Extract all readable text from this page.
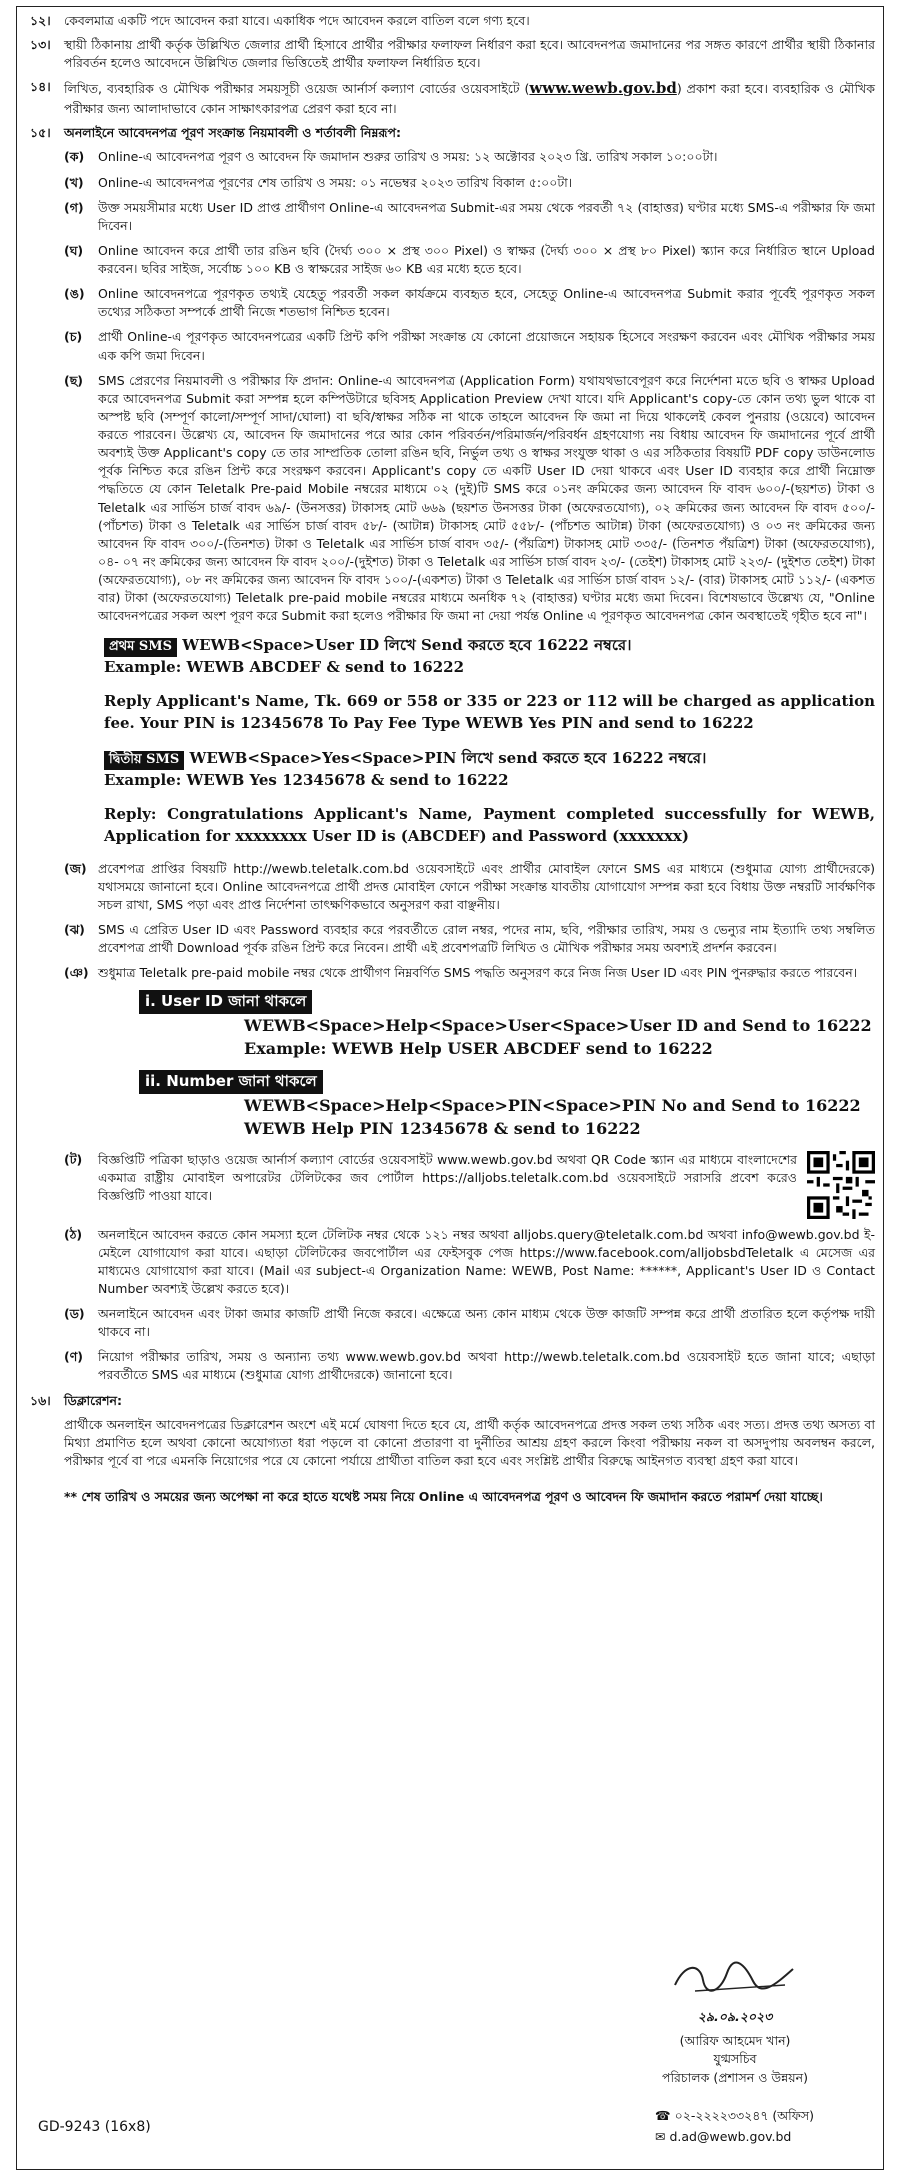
১২।	কেবলমাত্র একটি পদে আবেদন করা যাবে। একাধিক পদে আবেদন করলে বাতিল বলে গণ্য হবে।
১৩।	স্থায়ী ঠিকানায় প্রার্থী কর্তৃক উল্লিখিত জেলার প্রার্থী হিসাবে প্রার্থীর পরীক্ষার ফলাফল নির্ধারণ করা হবে। আবেদনপত্র জমাদানের পর সঙ্গত কারণে প্রার্থীর স্থায়ী ঠিকানার পরিবর্তন হলেও আবেদনে উল্লিখিত জেলার ভিত্তিতেই প্রার্থীর ফলাফল নির্ধারিত হবে।
১৪।	লিখিত, ব্যবহারিক ও মৌখিক পরীক্ষার সময়সূচী ওয়েজ আর্নার্স কল্যাণ বোর্ডের ওয়েবসাইটে (www.wewb.gov.bd) প্রকাশ করা হবে। ব্যবহারিক ও মৌখিক পরীক্ষার জন্য আলাদাভাবে কোন সাক্ষাৎকারপত্র প্রেরণ করা হবে না।
১৫।	অনলাইনে আবেদনপত্র পূরণ সংক্রান্ত নিয়মাবলী ও শর্তাবলী নিম্নরূপ:
(ক)	Online-এ আবেদনপত্র পূরণ ও আবেদন ফি জমাদান শুরুর তারিখ ও সময়: ১২ অক্টোবর ২০২৩ খ্রি. তারিখ সকাল ১০:০০টা।
(খ)	Online-এ আবেদনপত্র পূরণের শেষ তারিখ ও সময়: ০১ নভেম্বর ২০২৩ তারিখ বিকাল ৫:০০টা।
(গ)	উক্ত সময়সীমার মধ্যে User ID প্রাপ্ত প্রার্থীগণ Online-এ আবেদনপত্র Submit-এর সময় থেকে পরবর্তী ৭২ (বাহাত্তর) ঘণ্টার মধ্যে SMS-এ পরীক্ষার ফি জমা দিবেন।
(ঘ)	Online আবেদন করে প্রার্থী তার রঙিন ছবি (দৈর্ঘ্য ৩০০ × প্রস্থ ৩০০ Pixel) ও স্বাক্ষর (দৈর্ঘ্য ৩০০ × প্রস্থ ৮০ Pixel) স্ক্যান করে নির্ধারিত স্থানে Upload করবেন। ছবির সাইজ, সর্বোচ্চ ১০০ KB ও স্বাক্ষরের সাইজ ৬০ KB এর মধ্যে হতে হবে।
(ঙ)	Online আবেদনপত্রে পূরণকৃত তথ্যই যেহেতু পরবর্তী সকল কার্যক্রমে ব্যবহৃত হবে, সেহেতু Online-এ আবেদনপত্র Submit করার পূর্বেই পূরণকৃত সকল তথ্যের সঠিকতা সম্পর্কে প্রার্থী নিজে শতভাগ নিশ্চিত হবেন।
(চ)	প্রার্থী Online-এ পূরণকৃত আবেদনপত্রের একটি প্রিন্ট কপি পরীক্ষা সংক্রান্ত যে কোনো প্রয়োজনে সহায়ক হিসেবে সংরক্ষণ করবেন এবং মৌখিক পরীক্ষার সময় এক কপি জমা দিবেন।
(ছ)	SMS প্রেরণের নিয়মাবলী ও পরীক্ষার ফি প্রদান: Online-এ আবেদনপত্র (Application Form) যথাযথভাবেপূরণ করে নির্দেশনা মতে ছবি ও স্বাক্ষর Upload করে আবেদনপত্র Submit করা সম্পন্ন হলে কম্পিউটারে ছবিসহ Application Preview দেখা যাবে। যদি Applicant's copy-তে কোন তথ্য ভুল থাকে বা অস্পষ্ট ছবি (সম্পূর্ণ কালো/সম্পূর্ণ সাদা/ঘোলা) বা ছবি/স্বাক্ষর সঠিক না থাকে তাহলে আবেদন ফি জমা না দিয়ে থাকলেই কেবল পুনরায় (ওয়েবে) আবেদন করতে পারবেন। উল্লেখ্য যে, আবেদন ফি জমাদানের পরে আর কোন পরিবর্তন/পরিমার্জন/পরিবর্ধন গ্রহণযোগ্য নয় বিধায় আবেদন ফি জমাদানের পূর্বে প্রার্থী অবশ্যই উক্ত Applicant's copy তে তার সাম্প্রতিক তোলা রঙিন ছবি, নির্ভুল তথ্য ও স্বাক্ষর সংযুক্ত থাকা ও এর সঠিকতার বিষয়টি PDF copy ডাউনলোড পূর্বক নিশ্চিত করে রঙিন প্রিন্ট করে সংরক্ষণ করবেন। Applicant's copy তে একটি User ID দেয়া থাকবে এবং User ID ব্যবহার করে প্রার্থী নিম্নোক্ত পদ্ধতিতে যে কোন Teletalk Pre-paid Mobile নম্বরের মাধ্যমে ০২ (দুই)টি SMS করে ০১নং ক্রমিকের জন্য আবেদন ফি বাবদ ৬০০/-(ছয়শত) টাকা ও Teletalk এর সার্ভিস চার্জ বাবদ ৬৯/- (উনসত্তর) টাকাসহ মোট ৬৬৯ (ছয়শত উনসত্তর টাকা (অফেরতযোগ্য), ০২ ক্রমিকের জন্য আবেদন ফি বাবদ ৫০০/-(পাঁচশত) টাকা ও Teletalk এর সার্ভিস চার্জ বাবদ ৫৮/- (আটান্ন) টাকাসহ মোট ৫৫৮/- (পাঁচশত আটান্ন) টাকা (অফেরতযোগ্য) ও ০৩ নং ক্রমিকের জন্য আবেদন ফি বাবদ ৩০০/-(তিনশত) টাকা ও Teletalk এর সার্ভিস চার্জ বাবদ ৩৫/- (পঁয়ত্রিশ) টাকাসহ মোট ৩৩৫/- (তিনশত পঁয়ত্রিশ) টাকা (অফেরতযোগ্য), ০৪- ০৭ নং ক্রমিকের জন্য আবেদন ফি বাবদ ২০০/-(দুইশত) টাকা ও Teletalk এর সার্ভিস চার্জ বাবদ ২৩/- (তেইশ) টাকাসহ মোট ২২৩/- (দুইশত তেইশ) টাকা (অফেরতযোগ্য), ০৮ নং ক্রমিকের জন্য আবেদন ফি বাবদ ১০০/-(একশত) টাকা ও Teletalk এর সার্ভিস চার্জ বাবদ ১২/- (বার) টাকাসহ মোট ১১২/- (একশত বার) টাকা (অফেরতযোগ্য) Teletalk pre-paid mobile নম্বরের মাধ্যমে অনধিক ৭২ (বাহাত্তর) ঘণ্টার মধ্যে জমা দিবেন। বিশেষভাবে উল্লেখ্য যে, "Online আবেদনপত্রের সকল অংশ পূরণ করে Submit করা হলেও পরীক্ষার ফি জমা না দেয়া পর্যন্ত Online এ পূরণকৃত আবেদনপত্র কোন অবস্থাতেই গৃহীত হবে না"।
প্রথম SMS WEWB<Space>User ID লিখে Send করতে হবে 16222 নম্বরে।
Example: WEWB ABCDEF & send to 16222
Reply Applicant's Name, Tk. 669 or 558 or 335 or 223 or 112 will be charged as application fee. Your PIN is 12345678 To Pay Fee Type WEWB Yes PIN and send to 16222
দ্বিতীয় SMS WEWB<Space>Yes<Space>PIN লিখে send করতে হবে 16222 নম্বরে।
Example: WEWB Yes 12345678 & send to 16222
Reply: Congratulations Applicant's Name, Payment completed successfully for WEWB, Application for xxxxxxxx User ID is (ABCDEF) and Password (xxxxxxx)
(জ) প্রবেশপত্র প্রাপ্তির বিষয়টি http://wewb.teletalk.com.bd ওয়েবসাইটে এবং প্রার্থীর মোবাইল ফোনে SMS এর মাধ্যমে (শুধুমাত্র যোগ্য প্রার্থীদেরকে) যথাসময়ে জানানো হবে। Online আবেদনপত্রে প্রার্থী প্রদত্ত মোবাইল ফোনে পরীক্ষা সংক্রান্ত যাবতীয় যোগাযোগ সম্পন্ন করা হবে বিধায় উক্ত নম্বরটি সার্বক্ষণিক সচল রাখা, SMS পড়া এবং প্রাপ্ত নির্দেশনা তাৎক্ষণিকভাবে অনুসরণ করা বাঞ্ছনীয়।
(ঝ)	SMS এ প্রেরিত User ID এবং Password ব্যবহার করে পরবর্তীতে রোল নম্বর, পদের নাম, ছবি, পরীক্ষার তারিখ, সময় ও ভেন্যুর নাম ইত্যাদি তথ্য সম্বলিত প্রবেশপত্র প্রার্থী Download পূর্বক রঙিন প্রিন্ট করে নিবেন। প্রার্থী এই প্রবেশপত্রটি লিখিত ও মৌখিক পরীক্ষার সময় অবশ্যই প্রদর্শন করবেন।
(ঞ) শুধুমাত্র Teletalk pre-paid mobile নম্বর থেকে প্রার্থীগণ নিম্নবর্ণিত SMS পদ্ধতি অনুসরণ করে নিজ নিজ User ID এবং PIN পুনরুদ্ধার করতে পারবেন।
i. User ID জানা থাকলে
WEWB<Space>Help<Space>User<Space>User ID and Send to 16222
Example: WEWB Help USER ABCDEF send to 16222
ii. Number জানা থাকলে
WEWB<Space>Help<Space>PIN<Space>PIN No and Send to 16222
WEWB Help PIN 12345678 & send to 16222
(ট)	বিজ্ঞপ্তিটি পত্রিকা ছাড়াও ওয়েজ আর্নার্স কল্যাণ বোর্ডের ওয়েবসাইট www.wewb.gov.bd অথবা QR Code স্ক্যান এর মাধ্যমে বাংলাদেশের একমাত্র রাষ্ট্রীয় মোবাইল অপারেটর টেলিটকের জব পোর্টাল https://alljobs.teletalk.com.bd ওয়েবসাইটে সরাসরি প্রবেশ করেও বিজ্ঞপ্তিটি পাওয়া যাবে।
(ঠ)	অনলাইনে আবেদন করতে কোন সমস্যা হলে টেলিটক নম্বর থেকে ১২১ নম্বর অথবা alljobs.query@teletalk.com.bd অথবা info@wewb.gov.bd ই-মেইলে যোগাযোগ করা যাবে। এছাড়া টেলিটকের জবপোর্টাল এর ফেইসবুক পেজ https://www.facebook.com/alljobsbdTeletalk এ মেসেজ এর মাধ্যমেও যোগাযোগ করা যাবে। (Mail এর subject-এ Organization Name: WEWB, Post Name: ******, Applicant's User ID ও Contact Number অবশ্যই উল্লেখ করতে হবে)।
(ড)	অনলাইনে আবেদন এবং টাকা জমার কাজটি প্রার্থী নিজে করবে। এক্ষেত্রে অন্য কোন মাধ্যম থেকে উক্ত কাজটি সম্পন্ন করে প্রার্থী প্রতারিত হলে কর্তৃপক্ষ দায়ী থাকবে না।
(ণ)	নিয়োগ পরীক্ষার তারিখ, সময় ও অন্যান্য তথ্য www.wewb.gov.bd অথবা http://wewb.teletalk.com.bd ওয়েবসাইট হতে জানা যাবে; এছাড়া পরবর্তীতে SMS এর মাধ্যমে (শুধুমাত্র যোগ্য প্রার্থীদেরকে) জানানো হবে।
১৬।	ডিক্লারেশন:
প্রার্থীকে অনলাইন আবেদনপত্রের ডিক্লারেশন অংশে এই মর্মে ঘোষণা দিতে হবে যে, প্রার্থী কর্তৃক আবেদনপত্রে প্রদত্ত সকল তথ্য সঠিক এবং সত্য। প্রদত্ত তথ্য অসত্য বা মিথ্যা প্রমাণিত হলে অথবা কোনো অযোগ্যতা ধরা পড়লে বা কোনো প্রতারণা বা দুর্নীতির আশ্রয় গ্রহণ করলে কিংবা পরীক্ষায় নকল বা অসদুপায় অবলম্বন করলে, পরীক্ষার পূর্বে বা পরে এমনকি নিয়োগের পরে যে কোনো পর্যায়ে প্রার্থীতা বাতিল করা হবে এবং সংশ্লিষ্ট প্রার্থীর বিরুদ্ধে আইনগত ব্যবস্থা গ্রহণ করা যাবে।
** শেষ তারিখ ও সময়ের জন্য অপেক্ষা না করে হাতে যথেষ্ট সময় নিয়ে Online এ আবেদনপত্র পূরণ ও আবেদন ফি জমাদান করতে পরামর্শ দেয়া যাচ্ছে।
২৯.০৯.২০২৩
(আরিফ আহমেদ খান)
যুগ্মসচিব
পরিচালক (প্রশাসন ও উন্নয়ন)
GD-9243 (16x8)
☎ ০২-২২২২৩৩২৪৭ (অফিস)
✉ d.ad@wewb.gov.bd
